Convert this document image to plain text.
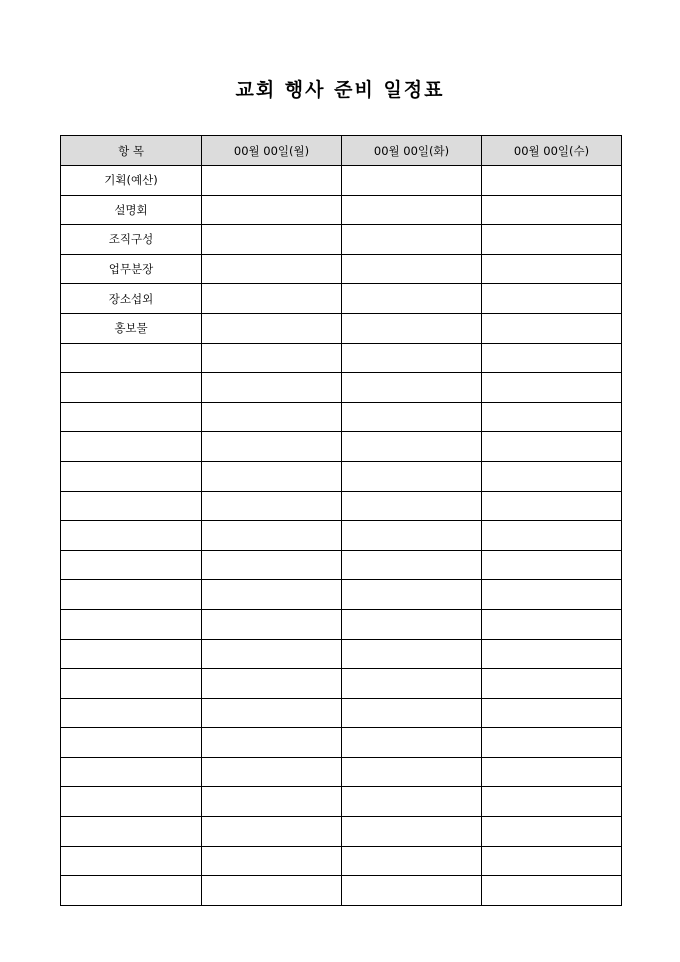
교회 행사 준비 일정표
항 목	00월 00일(월)	00월 00일(화)	00월 00일(수)
기획(예산)			
설명회			
조직구성			
업무분장			
장소섭외			
홍보물			
